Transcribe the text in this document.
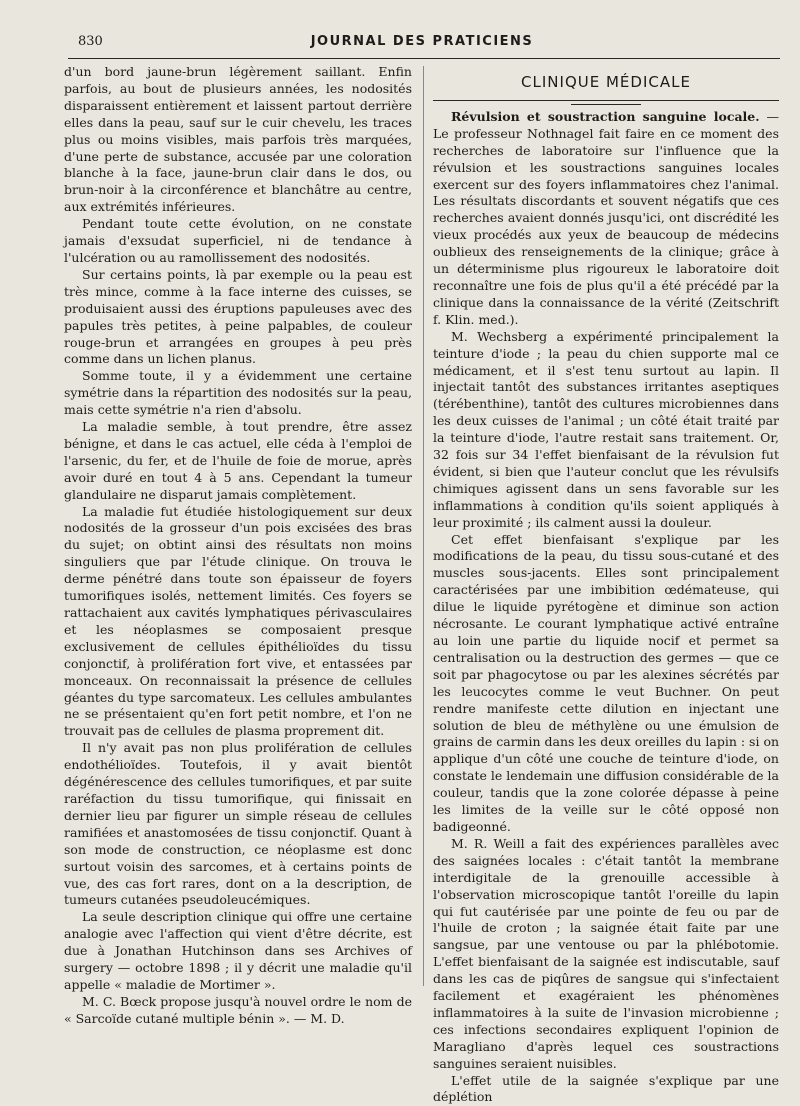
830	JOURNAL DES PRATICIENS

d'un bord jaune-brun légèrement saillant. Enfin parfois, au bout de plusieurs années, les nodosités disparaissent entièrement et laissent partout derrière elles dans la peau, sauf sur le cuir chevelu, les traces plus ou moins visibles, mais parfois très marquées, d'une perte de substance, accusée par une coloration blanche à la face, jaune-brun clair dans le dos, ou brun-noir à la circonférence et blanchâtre au centre, aux extrémités inférieures.

Pendant toute cette évolution, on ne constate jamais d'exsudat superficiel, ni de tendance à l'ulcération ou au ramollissement des nodosités.

Sur certains points, là par exemple ou la peau est très mince, comme à la face interne des cuisses, se produisaient aussi des éruptions papuleuses avec des papules très petites, à peine palpables, de couleur rouge-brun et arrangées en groupes à peu près comme dans un lichen planus.

Somme toute, il y a évidemment une certaine symétrie dans la répartition des nodosités sur la peau, mais cette symétrie n'a rien d'absolu.

La maladie semble, à tout prendre, être assez bénigne, et dans le cas actuel, elle céda à l'emploi de l'arsenic, du fer, et de l'huile de foie de morue, après avoir duré en tout 4 à 5 ans. Cependant la tumeur glandulaire ne disparut jamais complètement.

La maladie fut étudiée histologiquement sur deux nodosités de la grosseur d'un pois excisées des bras du sujet; on obtint ainsi des résultats non moins singuliers que par l'étude clinique. On trouva le derme pénétré dans toute son épaisseur de foyers tumorifiques isolés, nettement limités. Ces foyers se rattachaient aux cavités lymphatiques périvasculaires et les néoplasmes se composaient presque exclusivement de cellules épithélioïdes du tissu conjonctif, à prolifération fort vive, et entassées par monceaux. On reconnaissait la présence de cellules géantes du type sarcomateux. Les cellules ambulantes ne se présentaient qu'en fort petit nombre, et l'on ne trouvait pas de cellules de plasma proprement dit.

Il n'y avait pas non plus prolifération de cellules endothélioïdes. Toutefois, il y avait bientôt dégénérescence des cellules tumorifiques, et par suite raréfaction du tissu tumorifique, qui finissait en dernier lieu par figurer un simple réseau de cellules ramifiées et anastomosées de tissu conjonctif. Quant à son mode de construction, ce néoplasme est donc surtout voisin des sarcomes, et à certains points de vue, des cas fort rares, dont on a la description, de tumeurs cutanées pseudoleucémiques.

La seule description clinique qui offre une certaine analogie avec l'affection qui vient d'être décrite, est due à Jonathan Hutchinson dans ses Archives of surgery — octobre 1898 ; il y décrit une maladie qu'il appelle « maladie de Mortimer ».

M. C. Bœck propose jusqu'à nouvel ordre le nom de « Sarcoïde cutané multiple bénin ». — M. D.

CLINIQUE MÉDICALE

Révulsion et soustraction sanguine locale. — Le professeur Nothnagel fait faire en ce moment des recherches de laboratoire sur l'influence que la révulsion et les soustractions sanguines locales exercent sur des foyers inflammatoires chez l'animal. Les résultats discordants et souvent négatifs que ces recherches avaient donnés jusqu'ici, ont discrédité les vieux procédés aux yeux de beaucoup de médecins oublieux des renseignements de la clinique; grâce à un déterminisme plus rigoureux le laboratoire doit reconnaître une fois de plus qu'il a été précédé par la clinique dans la connaissance de la vérité (Zeitschrift f. Klin. med.).

M. Wechsberg a expérimenté principalement la teinture d'iode ; la peau du chien supporte mal ce médicament, et il s'est tenu surtout au lapin. Il injectait tantôt des substances irritantes aseptiques (térébenthine), tantôt des cultures microbiennes dans les deux cuisses de l'animal ; un côté était traité par la teinture d'iode, l'autre restait sans traitement. Or, 32 fois sur 34 l'effet bienfaisant de la révulsion fut évident, si bien que l'auteur conclut que les révulsifs chimiques agissent dans un sens favorable sur les inflammations à condition qu'ils soient appliqués à leur proximité ; ils calment aussi la douleur.

Cet effet bienfaisant s'explique par les modifications de la peau, du tissu sous-cutané et des muscles sous-jacents. Elles sont principalement caractérisées par une imbibition œdémateuse, qui dilue le liquide pyrétogène et diminue son action nécrosante. Le courant lymphatique activé entraîne au loin une partie du liquide nocif et permet sa centralisation ou la destruction des germes — que ce soit par phagocytose ou par les alexines sécrétés par les leucocytes comme le veut Buchner. On peut rendre manifeste cette dilution en injectant une solution de bleu de méthylène ou une émulsion de grains de carmin dans les deux oreilles du lapin : si on applique d'un côté une couche de teinture d'iode, on constate le lendemain une diffusion considérable de la couleur, tandis que la zone colorée dépasse à peine les limites de la veille sur le côté opposé non badigeonné.

M. R. Weill a fait des expériences parallèles avec des saignées locales : c'était tantôt la membrane interdigitale de la grenouille accessible à l'observation microscopique tantôt l'oreille du lapin qui fut cautérisée par une pointe de feu ou par de l'huile de croton ; la saignée était faite par une sangsue, par une ventouse ou par la phlébotomie. L'effet bienfaisant de la saignée est indiscutable, sauf dans les cas de piqûres de sangsue qui s'infectaient facilement et exagéraient les phénomènes inflammatoires à la suite de l'invasion microbienne ; ces infections secondaires expliquent l'opinion de Maragliano d'après lequel ces soustractions sanguines seraient nuisibles.

L'effet utile de la saignée s'explique par une déplétion
